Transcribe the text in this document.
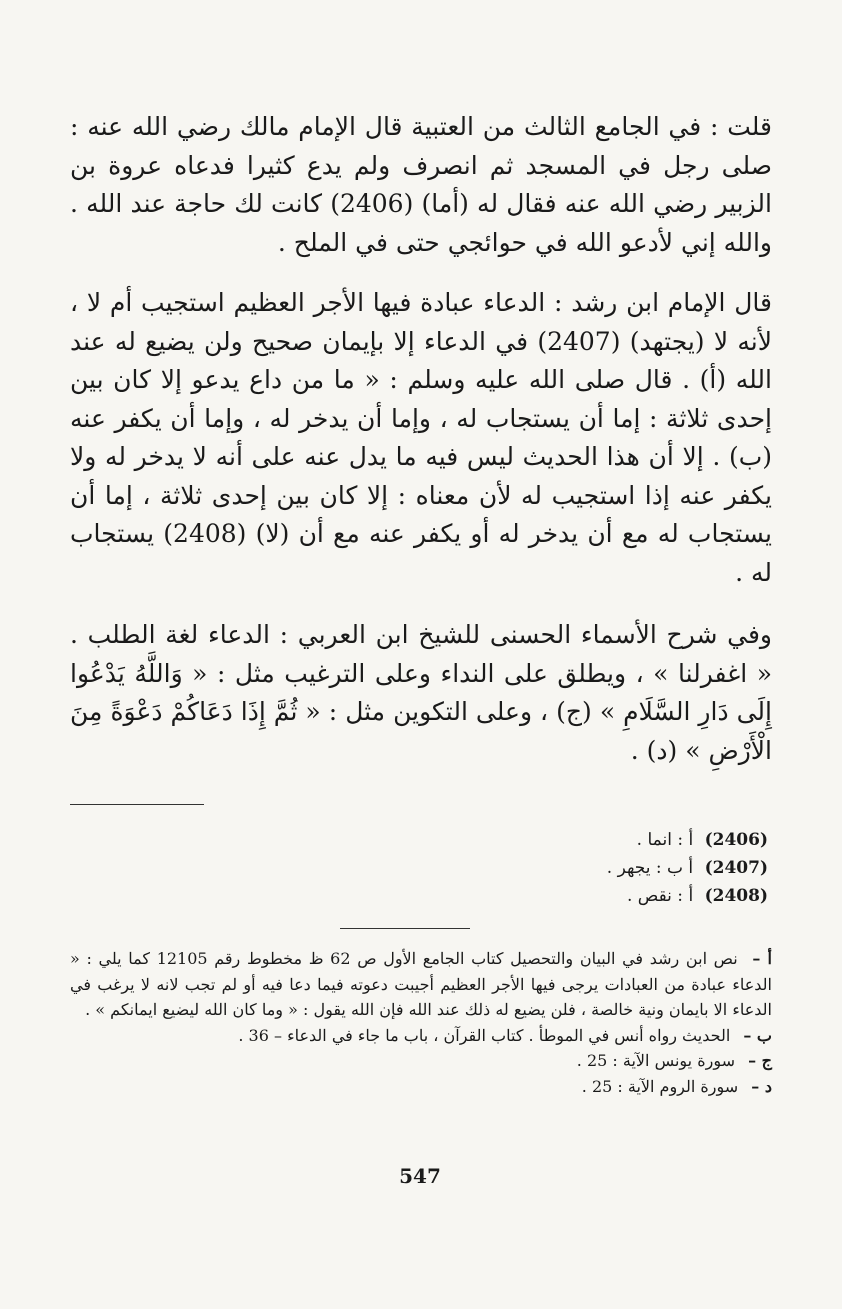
قلت : في الجامع الثالث من العتبية قال الإمام مالك رضي الله عنه : صلى رجل في المسجد ثم انصرف ولم يدع كثيرا فدعاه عروة بن الزبير رضي الله عنه فقال له (أما) (2406) كانت لك حاجة عند الله . والله إني لأدعو الله في حوائجي حتى في الملح .

قال الإمام ابن رشد : الدعاء عبادة فيها الأجر العظيم استجيب أم لا ، لأنه لا (يجتهد) (2407) في الدعاء إلا بإيمان صحيح ولن يضيع له عند الله (أ) . قال صلى الله عليه وسلم : « ما من داع يدعو إلا كان بين إحدى ثلاثة : إما أن يستجاب له ، وإما أن يدخر له ، وإما أن يكفر عنه (ب) . إلا أن هذا الحديث ليس فيه ما يدل عنه على أنه لا يدخر له ولا يكفر عنه إذا استجيب له لأن معناه : إلا كان بين إحدى ثلاثة ، إما أن يستجاب له مع أن يدخر له أو يكفر عنه مع أن (لا) (2408) يستجاب له .

وفي شرح الأسماء الحسنى للشيخ ابن العربي : الدعاء لغة الطلب . « اغفرلنا » ، ويطلق على النداء وعلى الترغيب مثل : « وَاللَّهُ يَدْعُوا إِلَى دَارِ السَّلَامِ » (ج) ، وعلى التكوين مثل : « ثُمَّ إِذَا دَعَاكُمْ دَعْوَةً مِنَ الْأَرْضِ » (د) .

(2406) أ : انما .
(2407) أ ب : يجهر .
(2408) أ : نقص .
أ – نص ابن رشد في البيان والتحصيل كتاب الجامع الأول ص 62 ظ مخطوط رقم 12105 كما يلي : « الدعاء عبادة من العبادات يرجى فيها الأجر العظيم أجيبت دعوته فيما دعا فيه أو لم تجب لانه لا يرغب في الدعاء الا بايمان ونية خالصة ، فلن يضيع له ذلك عند الله فإن الله يقول : « وما كان الله ليضيع ايمانكم » .
ب – الحديث رواه أنس في الموطأ . كتاب القرآن ، باب ما جاء في الدعاء – 36 .
ج – سورة يونس الآية : 25 .
د – سورة الروم الآية : 25 .
547
